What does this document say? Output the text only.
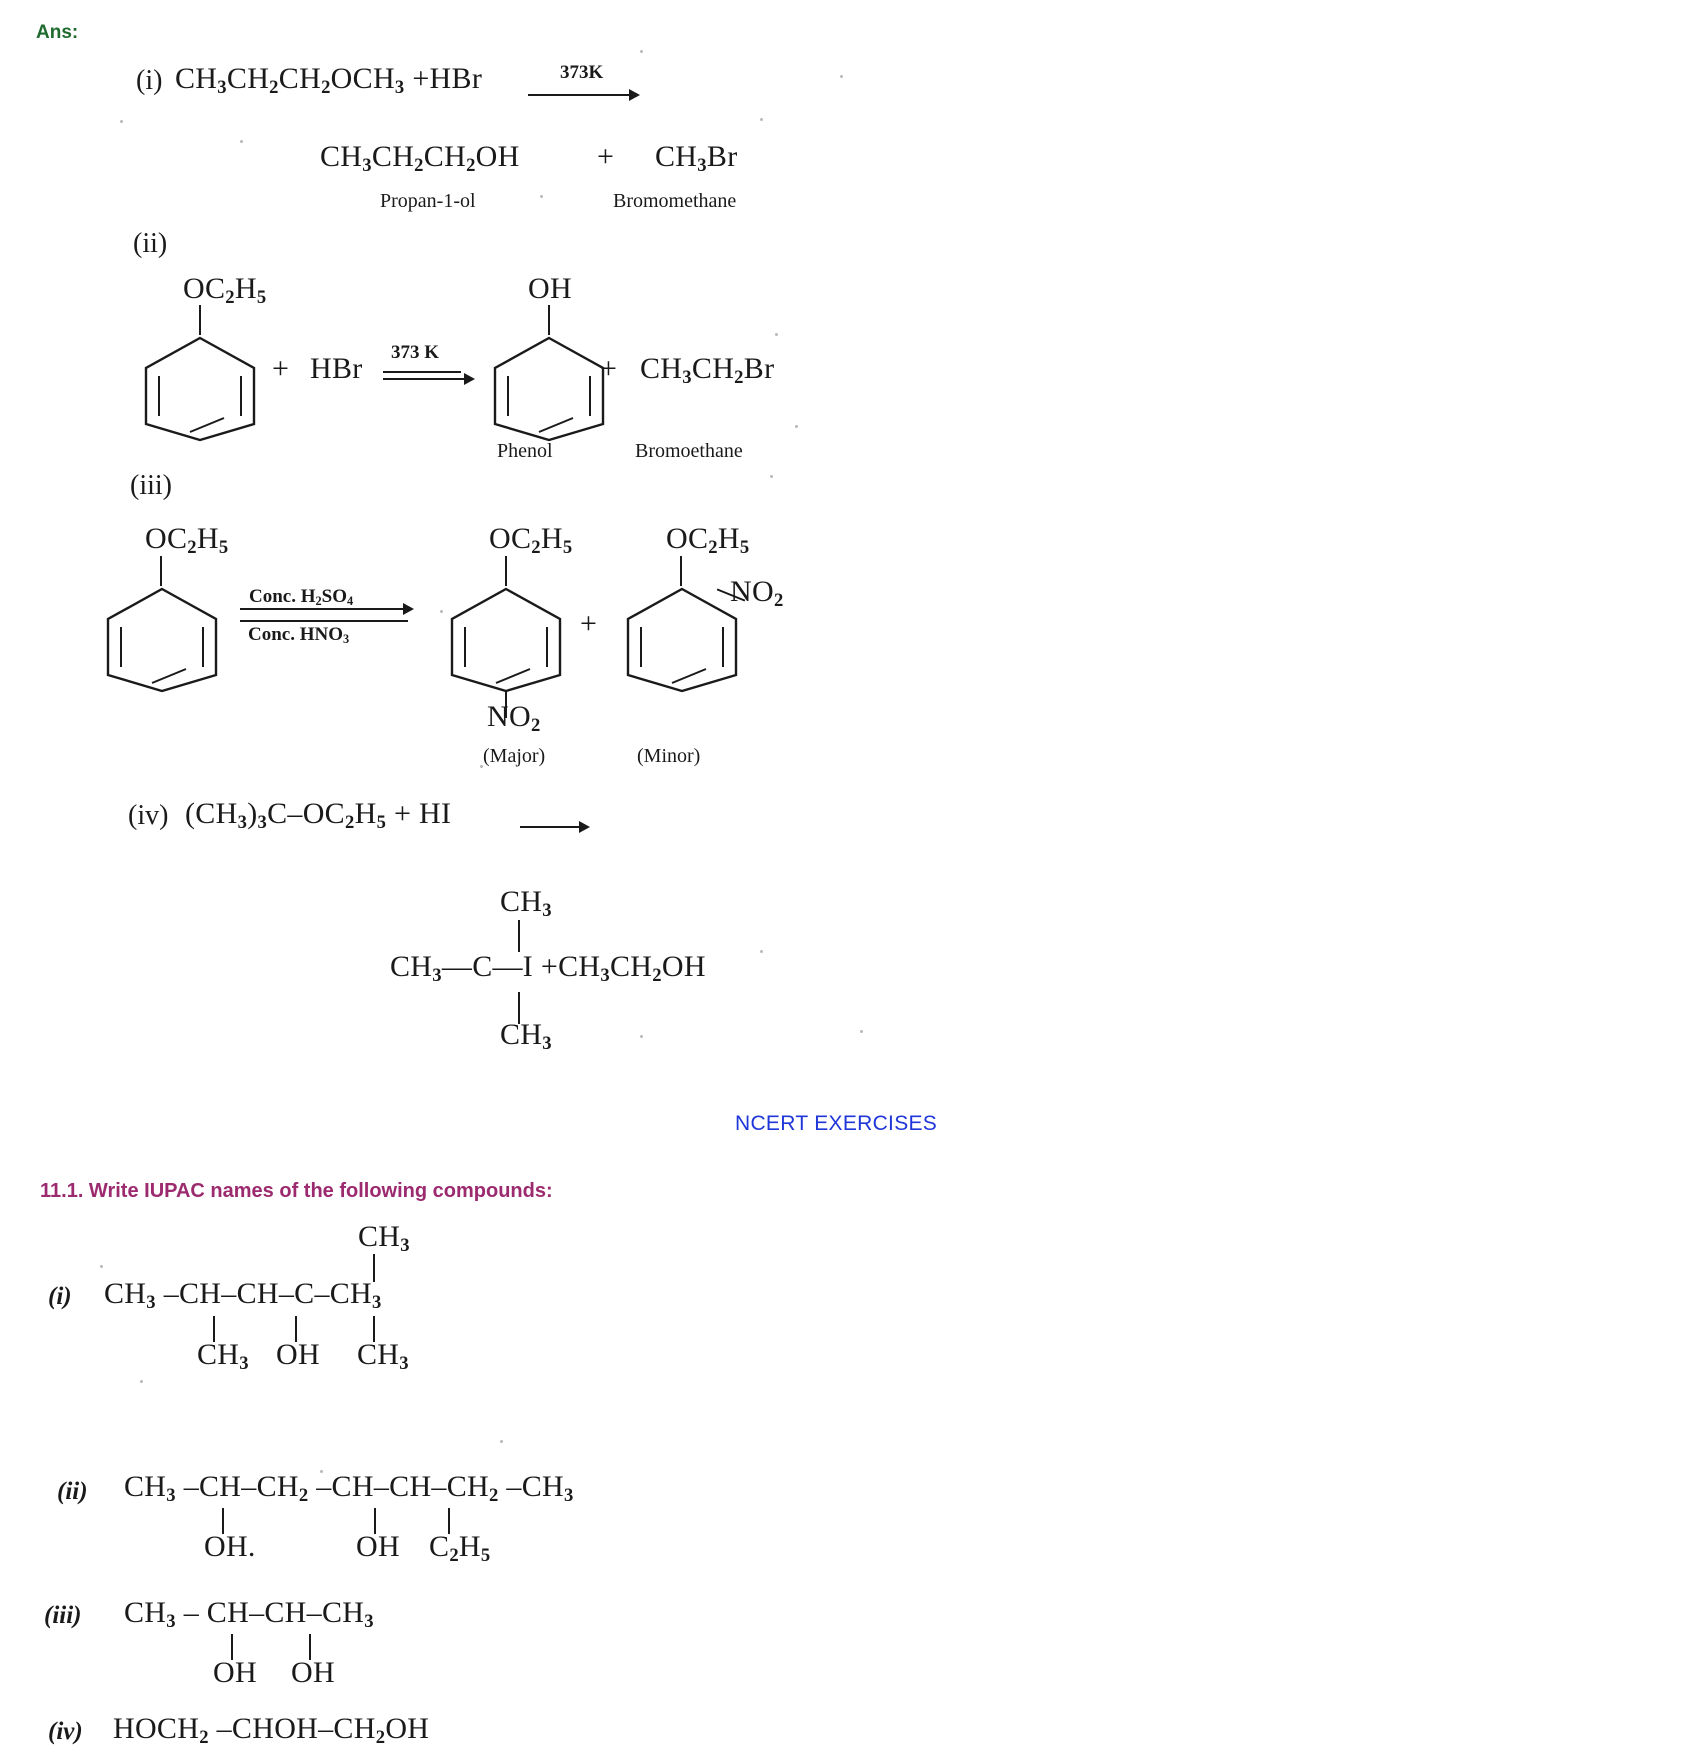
Ans:
(i) $CH_3CH_2CH_2OCH_3 +HBr$	373K
$CH_3CH_2CH_2OH$	+ $CH_3Br$
Propan-1-ol	Bromomethane
(ii)
$OC_2H_5$
+ HBr 373 K
OH
+ $CH_3CH_2Br$
Phenol	Bromoethane
(iii)
$OC_2H_5$
Conc. $H_2SO_4$
Conc. $HNO_3$
$OC_2H_5$
$NO_2$
+
$OC_2H_5$
$NO_2$
(Major)	(Minor)
(iv) $(CH_3)_3C-OC_2H_5$ + HI
$CH_3$
$CH_3—C—I +CH_3CH_2OH$
$CH_3$
NCERT EXERCISES
11.1. Write IUPAC names of the following compounds:
$CH_3$
(i) $CH_3$ $-CH-CH-C-CH_3$
$CH_3$ OH $CH_3$
(ii) $CH_3$ $-CH-CH_2$ $-CH-CH-CH_2$ $-CH_3$
OH.	OH $C_2H_5$
(iii) $CH_3 - CH-CH-CH_3$
OH OH
(iv) $HOCH_2$ $-CHOH-CH_2OH$
